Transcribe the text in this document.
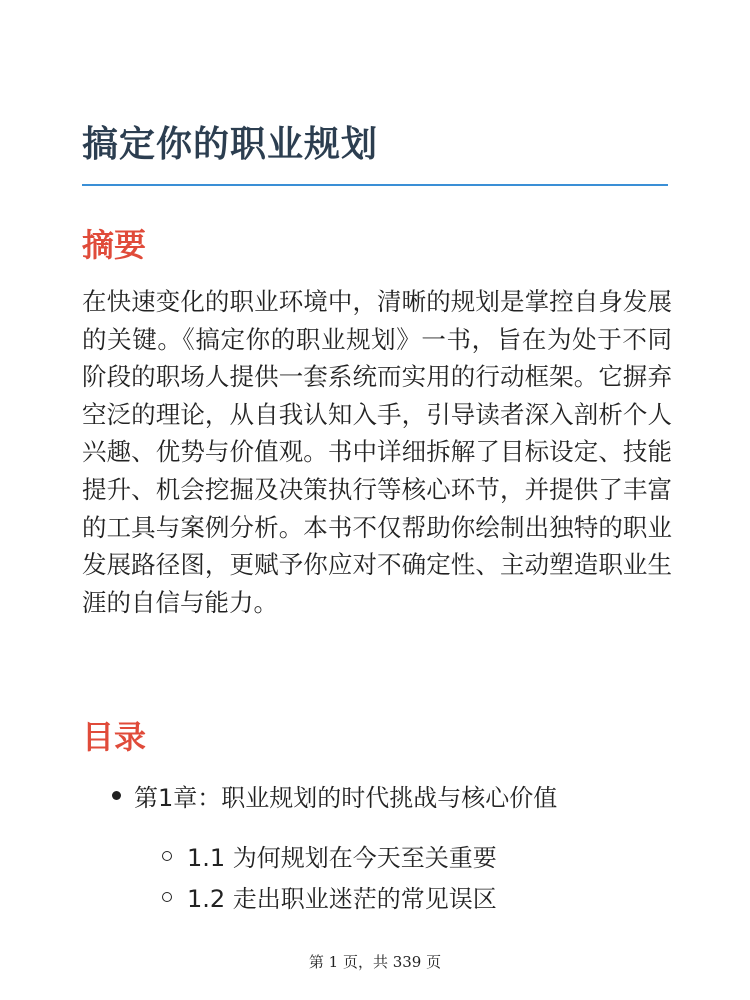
搞定你的职业规划
摘要

在快速变化的职业环境中，清晰的规划是掌控自身发展的关键。《搞定你的职业规划》一书，旨在为处于不同阶段的职场人提供一套系统而实用的行动框架。它摒弃空泛的理论，从自我认知入手，引导读者深入剖析个人兴趣、优势与价值观。书中详细拆解了目标设定、技能提升、机会挖掘及决策执行等核心环节，并提供了丰富的工具与案例分析。本书不仅帮助你绘制出独特的职业发展路径图，更赋予你应对不确定性、主动塑造职业生涯的自信与能力。

目录
第1章：职业规划的时代挑战与核心价值
1.1 为何规划在今天至关重要
1.2 走出职业迷茫的常见误区
第 1 页，共 339 页
